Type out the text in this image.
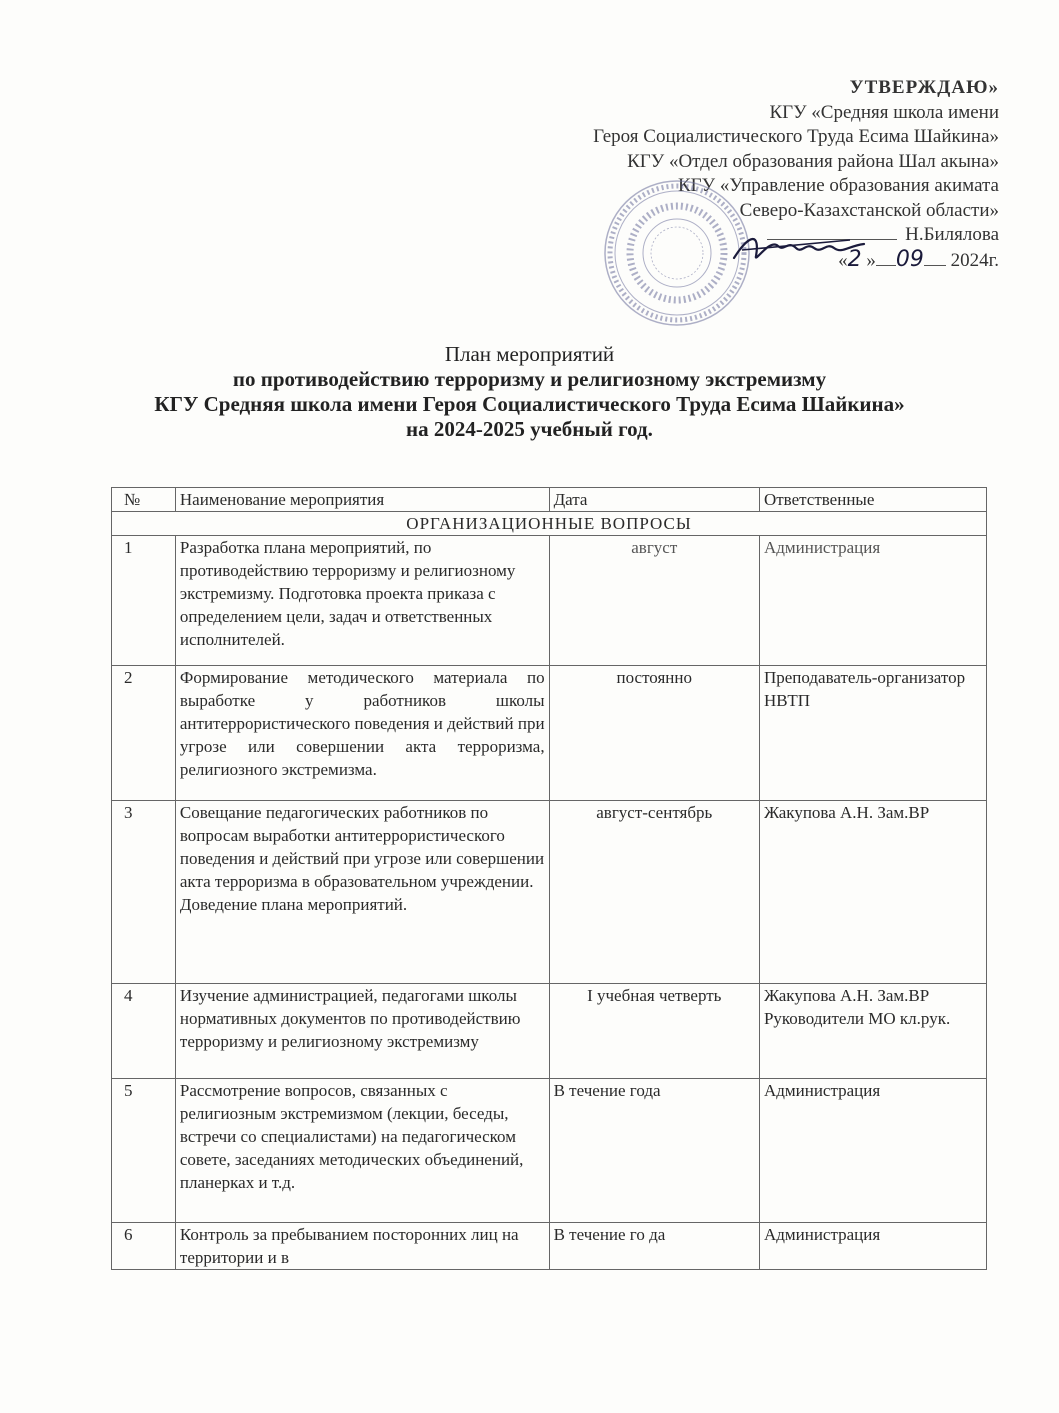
УТВЕРЖДАЮ»
КГУ «Средняя школа имени
Героя Социалистического Труда Есима Шайкина»
КГУ «Отдел образования района Шал акына»
КГУ «Управление образования акимата
Северо-Казахстанской области»
Н.Билялова
«2 » 09 2024г.
План мероприятий
по противодействию терроризму и религиозному экстремизму
КГУ Средняя школа имени Героя Социалистического Труда Есима Шайкина» на 2024-2025 учебный год.
№	Наименование мероприятия	Дата	Ответственные
ОРГАНИЗАЦИОННЫЕ ВОПРОСЫ			
1	Разработка плана мероприятий, по противодействию терроризму и религиозному экстремизму. Подготовка проекта приказа с определением цели, задач и ответственных исполнителей.	август	Администрация
2	Формирование методического материала по выработке у работников школы антитеррористического поведения и действий при угрозе или совершении акта терроризма, религиозного экстремизма.	постоянно	Преподаватель-организатор НВТП
3	Совещание педагогических работников по вопросам выработки антитеррористического поведения и действий при угрозе или совершении акта терроризма в образовательном учреждении. Доведение плана мероприятий.	август-сентябрь	Жакупова А.Н. Зам.ВР
4	Изучение администрацией, педагогами школы нормативных документов по противодействию терроризму и религиозному экстремизму	I учебная четверть	Жакупова А.Н. Зам.ВР Руководители МО кл.рук.
5	Рассмотрение вопросов, связанных с религиозным экстремизмом (лекции, беседы, встречи со специалистами) на педагогическом совете, заседаниях методических объединений, планерках и т.д.	В течение года	Администрация
6	Контроль за пребыванием посторонних лиц на территории и в	В течение го да	Администрация
